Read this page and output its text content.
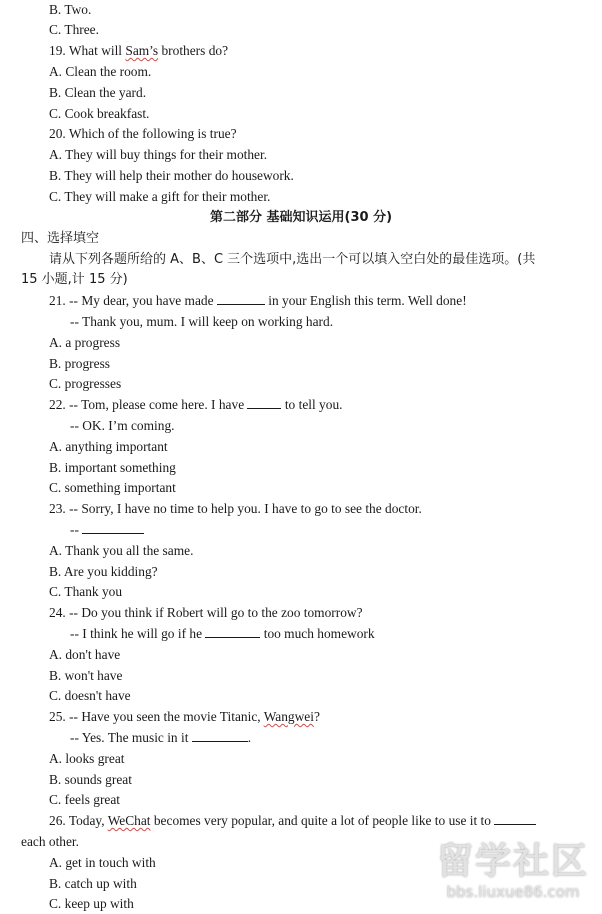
B. Two.
C. Three.
19. What will Sam’s brothers do?
A. Clean the room.
B. Clean the yard.
C. Cook breakfast.
20. Which of the following is true?
A. They will buy things for their mother.
B. They will help their mother do housework.
C. They will make a gift for their mother.
第二部分 基础知识运用(30 分)
四、选择填空
请从下列各题所给的 A、B、C 三个选项中,选出一个可以填入空白处的最佳选项。(共
15 小题,计 15 分)
21. -- My dear, you have made	in your English this term. Well done!
-- Thank you, mum. I will keep on working hard.
A. a progress
B. progress
C. progresses
22. -- Tom, please come here. I have	to tell you.
-- OK. I’m coming.
A. anything important
B. important something
C. something important
23. -- Sorry, I have no time to help you. I have to go to see the doctor.
--
A. Thank you all the same.
B. Are you kidding?
C. Thank you
24. -- Do you think if Robert will go to the zoo tomorrow?
-- I think he will go if he	too much homework
A. don't have
B. won't have
C. doesn't have
25. -- Have you seen the movie Titanic, Wangwei?
-- Yes. The music in it	.
A. looks great
B. sounds great
C. feels great
26. Today, WeChat becomes very popular, and quite a lot of people like to use it to
each other.
A. get in touch with
B. catch up with
C. keep up with
留学社区
bbs.liuxue86.com
